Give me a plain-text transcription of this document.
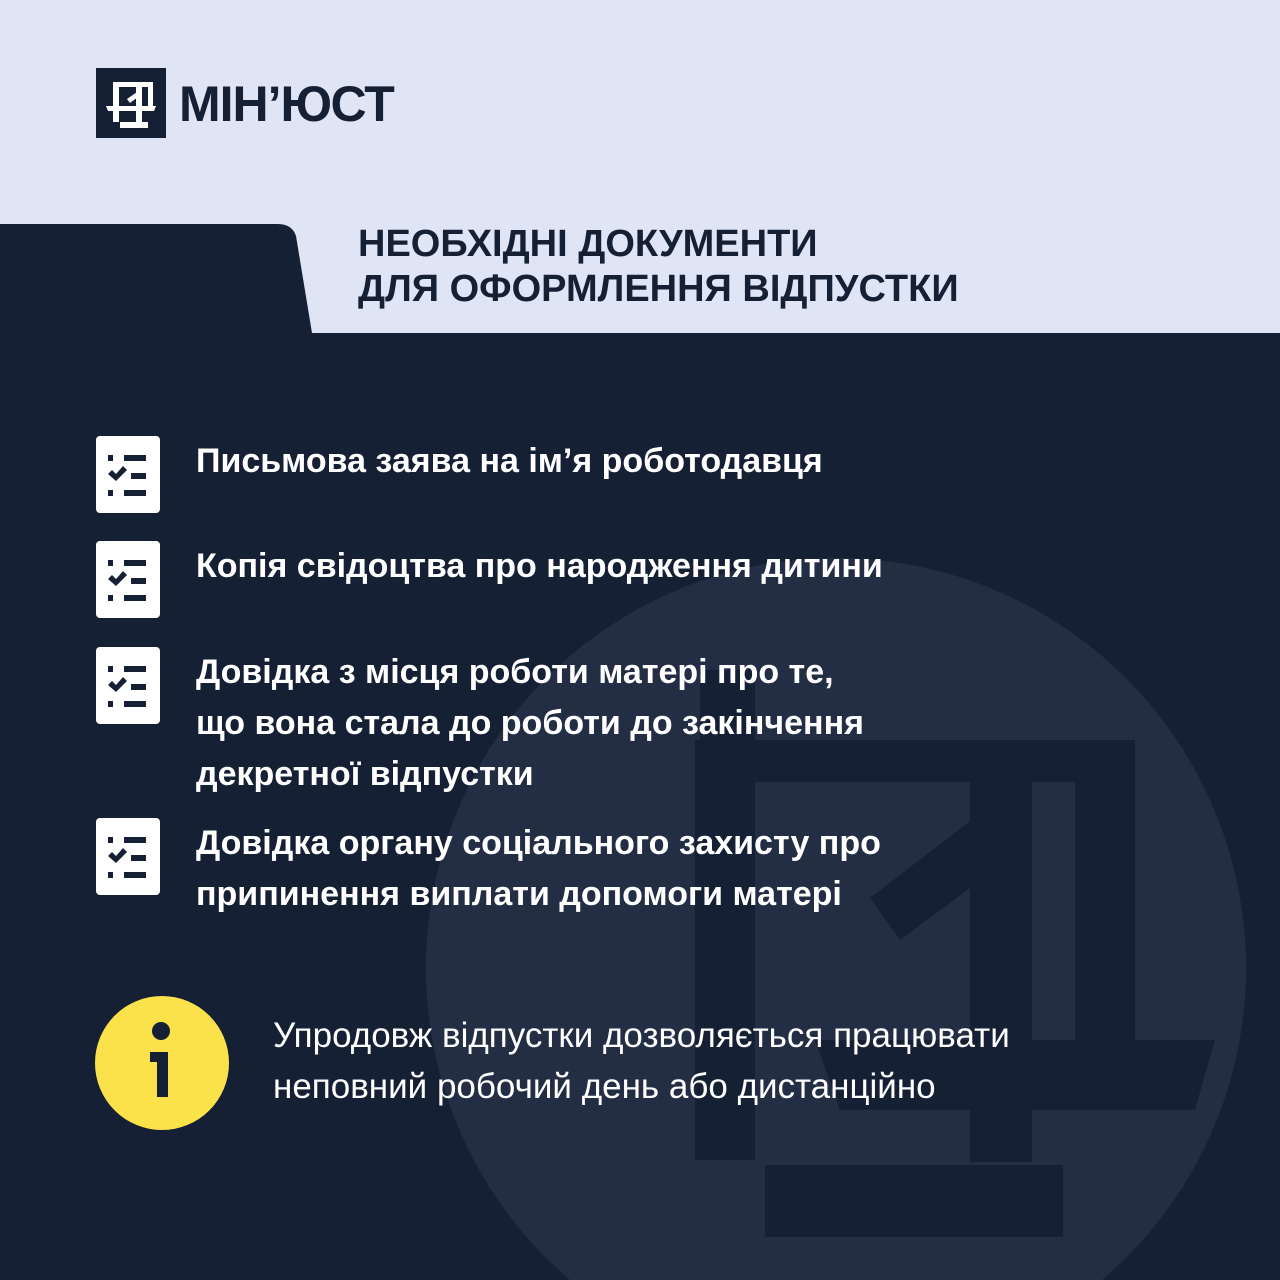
МІН’ЮСТ
НЕОБХІДНІ ДОКУМЕНТИ
ДЛЯ ОФОРМЛЕННЯ ВІДПУСТКИ
Письмова заява на ім’я роботодавця
Копія свідоцтва про народження дитини
Довідка з місця роботи матері про те,
що вона стала до роботи до закінчення
декретної відпустки
Довідка органу соціального захисту про
припинення виплати допомоги матері
Упродовж відпустки дозволяється працювати
неповний робочий день або дистанційно
